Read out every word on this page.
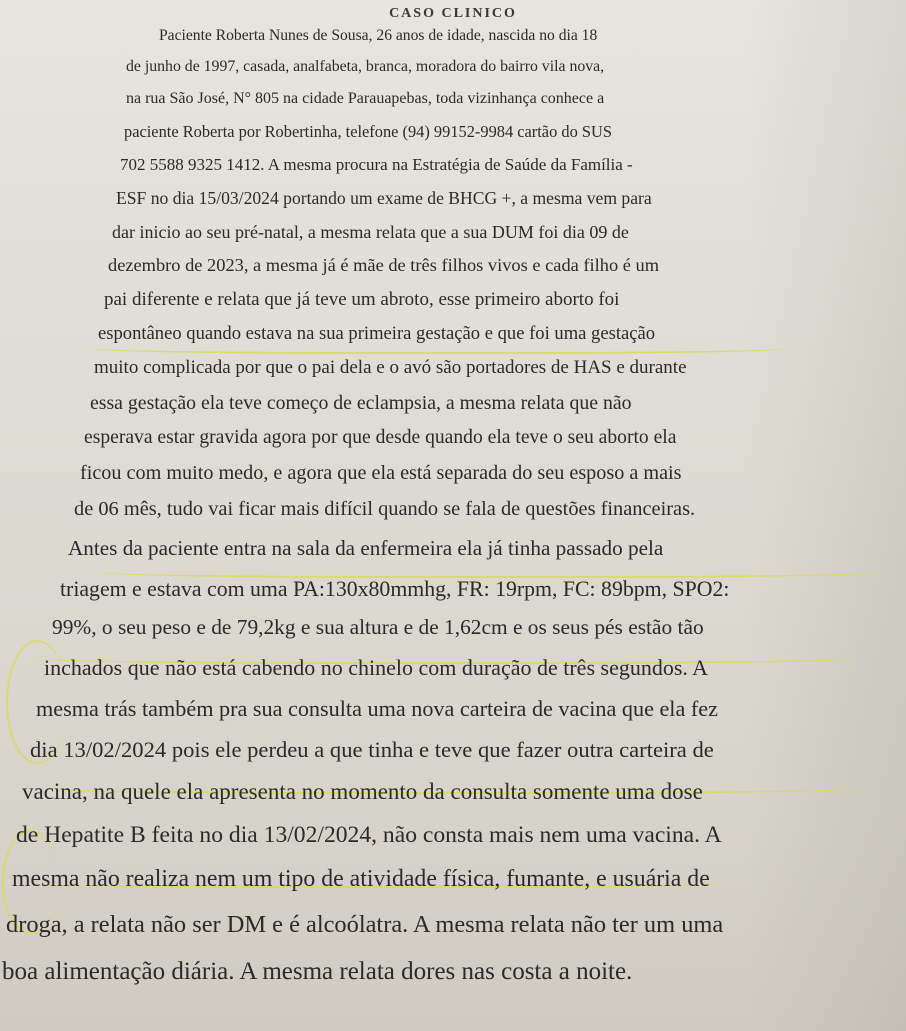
CASO CLINICO

Paciente Roberta Nunes de Sousa, 26 anos de idade, nascida no dia 18

de junho de 1997, casada, analfabeta, branca, moradora do bairro vila nova,

na rua São José, N° 805 na cidade Parauapebas, toda vizinhança conhece a

paciente Roberta por Robertinha, telefone (94) 99152-9984 cartão do SUS

702 5588 9325 1412. A mesma procura na Estratégia de Saúde da Família -

ESF no dia 15/03/2024 portando um exame de BHCG +, a mesma vem para

dar inicio ao seu pré-natal, a mesma relata que a sua DUM foi dia 09 de

dezembro de 2023, a mesma já é mãe de três filhos vivos e cada filho é um

pai diferente e relata que já teve um abroto, esse primeiro aborto foi

espontâneo quando estava na sua primeira gestação e que foi uma gestação

muito complicada por que o pai dela e o avó são portadores de HAS e durante

essa gestação ela teve começo de eclampsia, a mesma relata que não

esperava estar gravida agora por que desde quando ela teve o seu aborto ela

ficou com muito medo, e agora que ela está separada do seu esposo a mais

de 06 mês, tudo vai ficar mais difícil quando se fala de questões financeiras.

Antes da paciente entra na sala da enfermeira ela já tinha passado pela

triagem e estava com uma PA:130x80mmhg, FR: 19rpm, FC: 89bpm, SPO2:

99%, o seu peso e de 79,2kg e sua altura e de 1,62cm e os seus pés estão tão

inchados que não está cabendo no chinelo com duração de três segundos. A

mesma trás também pra sua consulta uma nova carteira de vacina que ela fez

dia 13/02/2024 pois ele perdeu a que tinha e teve que fazer outra carteira de

vacina, na quele ela apresenta no momento da consulta somente uma dose

de Hepatite B feita no dia 13/02/2024, não consta mais nem uma vacina. A

mesma não realiza nem um tipo de atividade física, fumante, e usuária de

droga, a relata não ser DM e é alcoólatra. A mesma relata não ter um uma

boa alimentação diária. A mesma relata dores nas costa a noite.
